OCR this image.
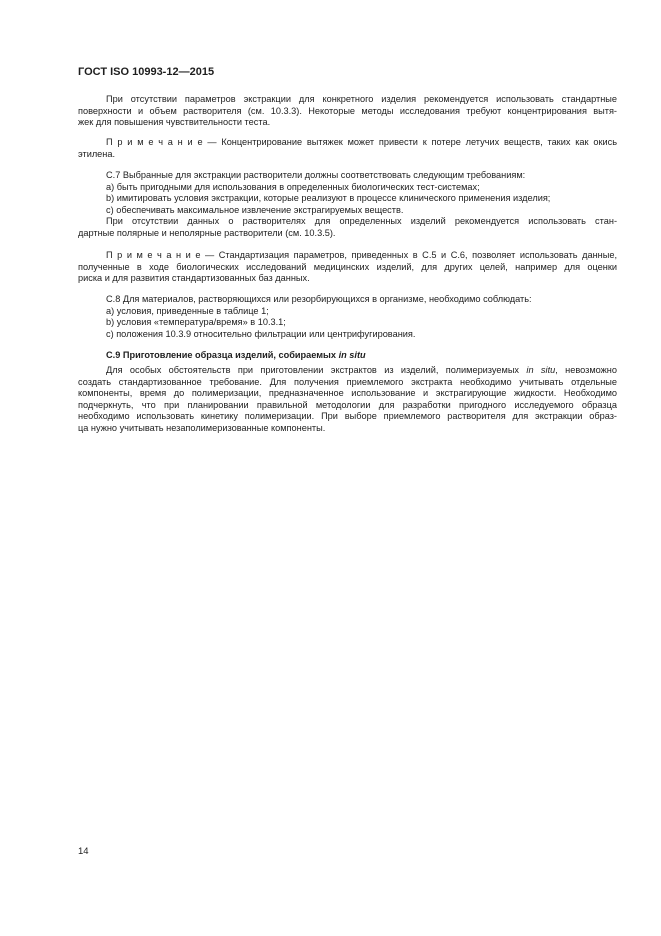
ГОСТ ISO 10993-12—2015
При отсутствии параметров экстракции для конкретного изделия рекомендуется использовать стандартные
поверхности и объем растворителя (см. 10.3.3). Некоторые методы исследования требуют концентрирования вытя-
жек для повышения чувствительности теста.
П р и м е ч а н и е — Концентрирование вытяжек может привести к потере летучих веществ, таких как окись
этилена.
С.7 Выбранные для экстракции растворители должны соответствовать следующим требованиям:
a) быть пригодными для использования в определенных биологических тест-системах;
b) имитировать условия экстракции, которые реализуют в процессе клинического применения изделия;
c) обеспечивать максимальное извлечение экстрагируемых веществ.
При отсутствии данных о растворителях для определенных изделий рекомендуется использовать стан-
дартные полярные и неполярные растворители (см. 10.3.5).
П р и м е ч а н и е — Стандартизация параметров, приведенных в С.5 и С.6, позволяет использовать данные,
полученные в ходе биологических исследований медицинских изделий, для других целей, например для оценки
риска и для развития стандартизованных баз данных.
С.8 Для материалов, растворяющихся или резорбирующихся в организме, необходимо соблюдать:
a) условия, приведенные в таблице 1;
b) условия «температура/время» в 10.3.1;
c) положения 10.3.9 относительно фильтрации или центрифугирования.
С.9 Приготовление образца изделий, собираемых in situ
Для особых обстоятельств при приготовлении экстрактов из изделий, полимеризуемых in situ, невозможно
создать стандартизованное требование. Для получения приемлемого экстракта необходимо учитывать отдельные
компоненты, время до полимеризации, предназначенное использование и экстрагирующие жидкости. Необходимо
подчеркнуть, что при планировании правильной методологии для разработки пригодного исследуемого образца
необходимо использовать кинетику полимеризации. При выборе приемлемого растворителя для экстракции образ-
ца нужно учитывать незаполимеризованные компоненты.
14
